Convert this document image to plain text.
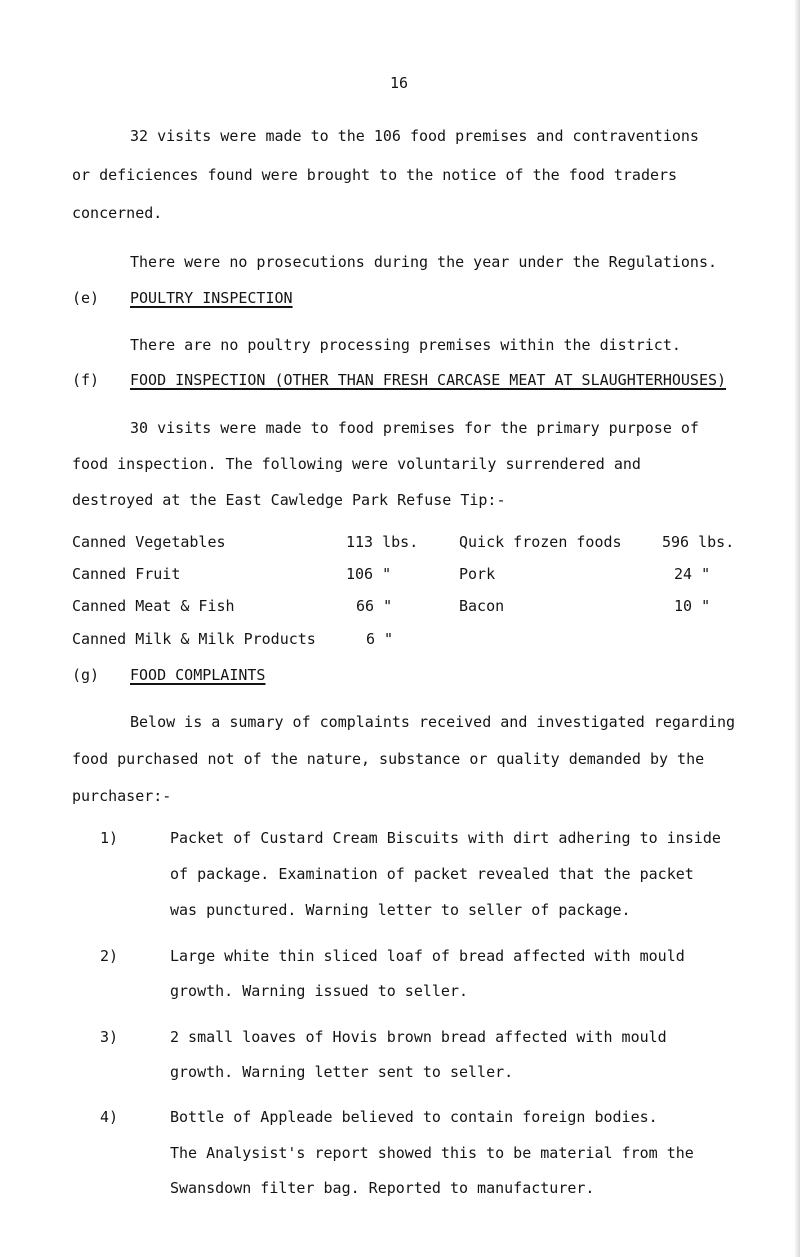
16
32 visits were made to the 106 food premises and contraventions
or deficiences found were brought to the notice of the food traders
concerned.
There were no prosecutions during the year under the Regulations.
(e) POULTRY INSPECTION
There are no poultry processing premises within the district.
(f) FOOD INSPECTION (OTHER THAN FRESH CARCASE MEAT AT SLAUGHTERHOUSES)
30 visits were made to food premises for the primary purpose of
food inspection. The following were voluntarily surrendered and
destroyed at the East Cawledge Park Refuse Tip:-
Canned Vegetables	113 lbs.	Quick frozen foods	596 lbs.
Canned Fruit	106 "	Pork	24 "
Canned Meat & Fish	66 "	Bacon	10 "
Canned Milk & Milk Products	6 "
(g) FOOD COMPLAINTS
Below is a sumary of complaints received and investigated regarding
food purchased not of the nature, substance or quality demanded by the
purchaser:-
1)	Packet of Custard Cream Biscuits with dirt adhering to inside
of package. Examination of packet revealed that the packet
was punctured. Warning letter to seller of package.
2)	Large white thin sliced loaf of bread affected with mould
growth. Warning issued to seller.
3)	2 small loaves of Hovis brown bread affected with mould
growth. Warning letter sent to seller.
4)	Bottle of Appleade believed to contain foreign bodies.
The Analysist's report showed this to be material from the
Swansdown filter bag. Reported to manufacturer.
